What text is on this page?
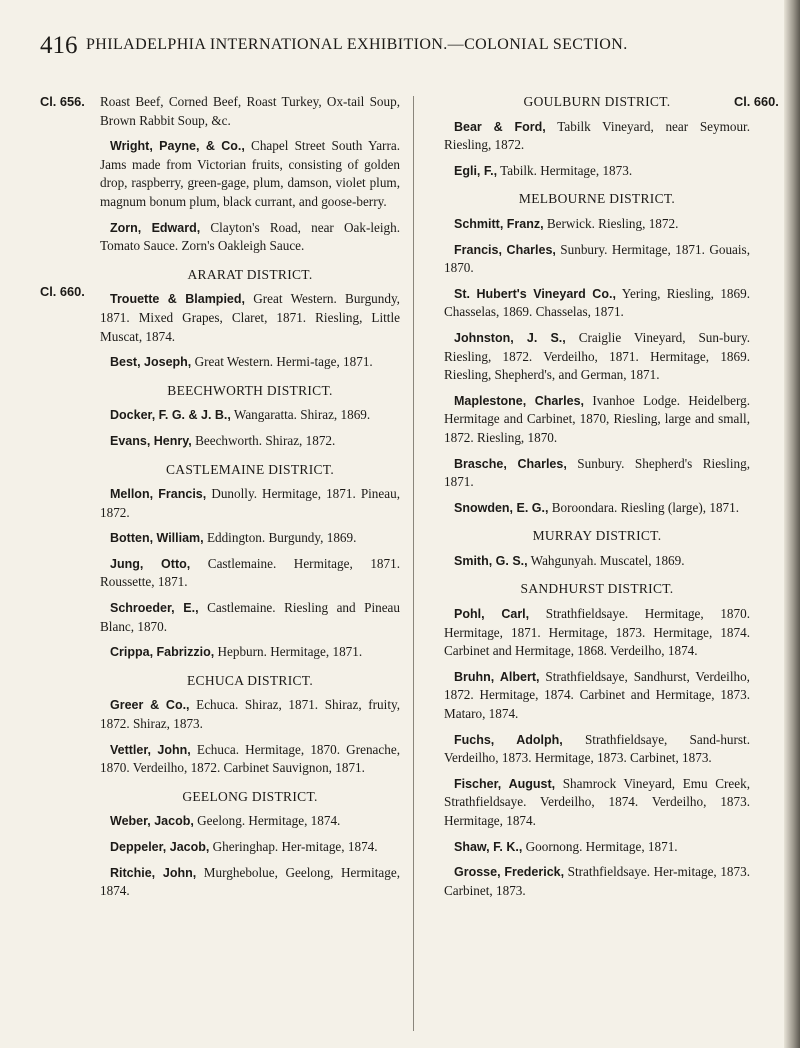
416 PHILADELPHIA INTERNATIONAL EXHIBITION.—COLONIAL SECTION.
Cl. 656.
Cl. 660.
Cl. 660.

Roast Beef, Corned Beef, Roast Turkey, Ox-tail Soup, Brown Rabbit Soup, &c.

Wright, Payne, & Co., Chapel Street South Yarra. Jams made from Victorian fruits, consisting of golden drop, raspberry, green-gage, plum, damson, violet plum, magnum bonum plum, black currant, and goose-berry.

Zorn, Edward, Clayton's Road, near Oak-leigh. Tomato Sauce. Zorn's Oakleigh Sauce.

ARARAT DISTRICT.

Trouette & Blampied, Great Western. Burgundy, 1871. Mixed Grapes, Claret, 1871. Riesling, Little Muscat, 1874.

Best, Joseph, Great Western. Hermi-tage, 1871.

BEECHWORTH DISTRICT.

Docker, F. G. & J. B., Wangaratta. Shiraz, 1869.

Evans, Henry, Beechworth. Shiraz, 1872.

CASTLEMAINE DISTRICT.

Mellon, Francis, Dunolly. Hermitage, 1871. Pineau, 1872.

Botten, William, Eddington. Burgundy, 1869.

Jung, Otto, Castlemaine. Hermitage, 1871. Roussette, 1871.

Schroeder, E., Castlemaine. Riesling and Pineau Blanc, 1870.

Crippa, Fabrizzio, Hepburn. Hermitage, 1871.

ECHUCA DISTRICT.

Greer & Co., Echuca. Shiraz, 1871. Shiraz, fruity, 1872. Shiraz, 1873.

Vettler, John, Echuca. Hermitage, 1870. Grenache, 1870. Verdeilho, 1872. Carbinet Sauvignon, 1871.

GEELONG DISTRICT.

Weber, Jacob, Geelong. Hermitage, 1874.

Deppeler, Jacob, Gheringhap. Her-mitage, 1874.

Ritchie, John, Murghebolue, Geelong, Hermitage, 1874.

GOULBURN DISTRICT.

Bear & Ford, Tabilk Vineyard, near Seymour. Riesling, 1872.

Egli, F., Tabilk. Hermitage, 1873.

MELBOURNE DISTRICT.

Schmitt, Franz, Berwick. Riesling, 1872.

Francis, Charles, Sunbury. Hermitage, 1871. Gouais, 1870.

St. Hubert's Vineyard Co., Yering, Riesling, 1869. Chasselas, 1869. Chasselas, 1871.

Johnston, J. S., Craiglie Vineyard, Sun-bury. Riesling, 1872. Verdeilho, 1871. Hermitage, 1869. Riesling, Shepherd's, and German, 1871.

Maplestone, Charles, Ivanhoe Lodge. Heidelberg. Hermitage and Carbinet, 1870, Riesling, large and small, 1872. Riesling, 1870.

Brasche, Charles, Sunbury. Shepherd's Riesling, 1871.

Snowden, E. G., Boroondara. Riesling (large), 1871.

MURRAY DISTRICT.

Smith, G. S., Wahgunyah. Muscatel, 1869.

SANDHURST DISTRICT.

Pohl, Carl, Strathfieldsaye. Hermitage, 1870. Hermitage, 1871. Hermitage, 1873. Hermitage, 1874. Carbinet and Hermitage, 1868. Verdeilho, 1874.

Bruhn, Albert, Strathfieldsaye, Sandhurst, Verdeilho, 1872. Hermitage, 1874. Carbinet and Hermitage, 1873. Mataro, 1874.

Fuchs, Adolph, Strathfieldsaye, Sand-hurst. Verdeilho, 1873. Hermitage, 1873. Carbinet, 1873.

Fischer, August, Shamrock Vineyard, Emu Creek, Strathfieldsaye. Verdeilho, 1874. Verdeilho, 1873. Hermitage, 1874.

Shaw, F. K., Goornong. Hermitage, 1871.

Grosse, Frederick, Strathfieldsaye. Her-mitage, 1873. Carbinet, 1873.
